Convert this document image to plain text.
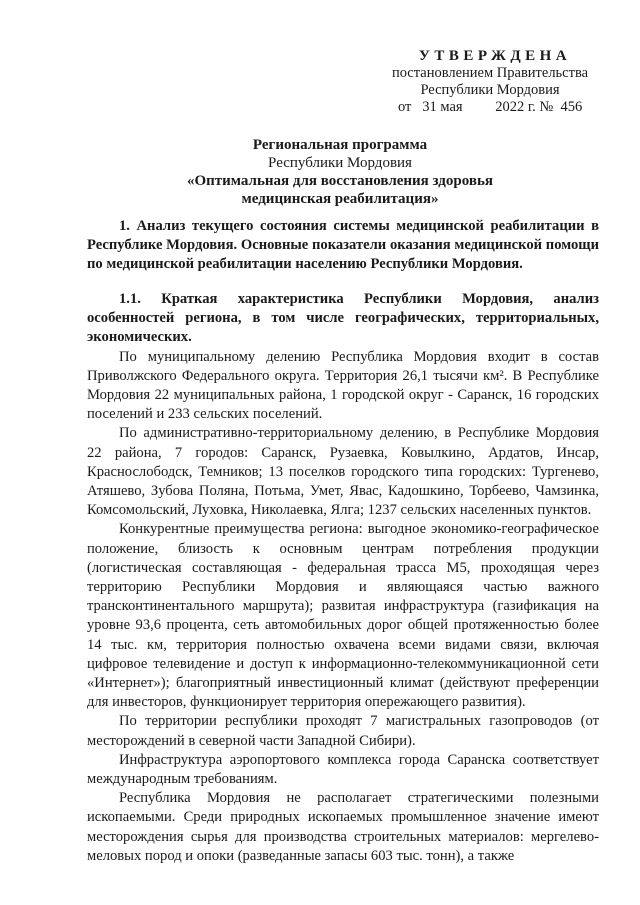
УТВЕРЖДЕНА
постановлением Правительства
Республики Мордовия
от 31 мая 2022 г. № 456
Региональная программа
Республики Мордовия
«Оптимальная для восстановления здоровья
медицинская реабилитация»

1. Анализ текущего состояния системы медицинской реабилитации в Республике Мордовия. Основные показатели оказания медицинской помощи по медицинской реабилитации населению Республики Мордовия.

1.1. Краткая характеристика Республики Мордовия, анализ особенностей региона, в том числе географических, территориальных, экономических.

По муниципальному делению Республика Мордовия входит в состав Приволжского Федерального округа. Территория 26,1 тысячи км². В Республике Мордовия 22 муниципальных района, 1 городской округ - Саранск, 16 городских поселений и 233 сельских поселений.

По административно-территориальному делению, в Республике Мордовия 22 района, 7 городов: Саранск, Рузаевка, Ковылкино, Ардатов, Инсар, Краснослободск, Темников; 13 поселков городского типа городских: Тургенево, Атяшево, Зубова Поляна, Потьма, Умет, Явас, Кадошкино, Торбеево, Чамзинка, Комсомольский, Луховка, Николаевка, Ялга; 1237 сельских населенных пунктов.

Конкурентные преимущества региона: выгодное экономико-географическое положение, близость к основным центрам потребления продукции (логистическая составляющая - федеральная трасса М5, проходящая через территорию Республики Мордовия и являющаяся частью важного трансконтинентального маршрута); развитая инфраструктура (газификация на уровне 93,6 процента, сеть автомобильных дорог общей протяженностью более 14 тыс. км, территория полностью охвачена всеми видами связи, включая цифровое телевидение и доступ к информационно-телекоммуникационной сети «Интернет»); благоприятный инвестиционный климат (действуют преференции для инвесторов, функционирует территория опережающего развития).

По территории республики проходят 7 магистральных газопроводов (от месторождений в северной части Западной Сибири).

Инфраструктура аэропортового комплекса города Саранска соответствует международным требованиям.

Республика Мордовия не располагает стратегическими полезными ископаемыми. Среди природных ископаемых промышленное значение имеют месторождения сырья для производства строительных материалов: мергелево-меловых пород и опоки (разведанные запасы 603 тыс. тонн), а также
